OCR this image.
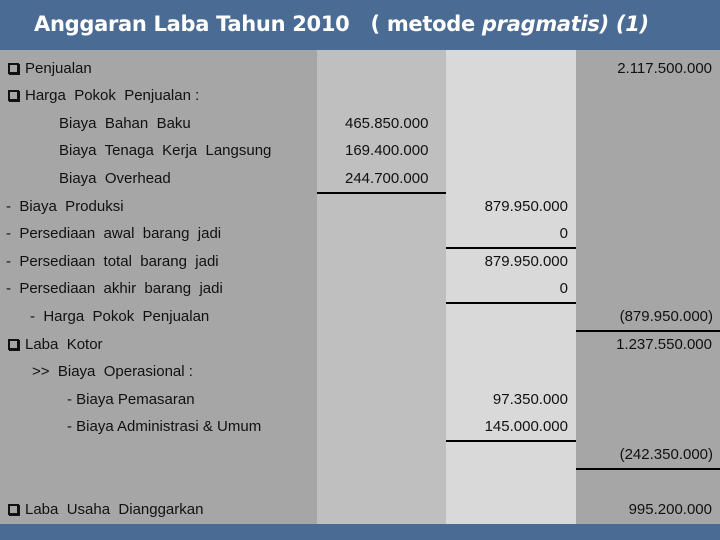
Anggaran Laba Tahun 2010   ( metode pragmatis) (1)
Penjualan	2.117.500.000
Harga  Pokok  Penjualan :
Biaya  Bahan  Baku	465.850.000
Biaya  Tenaga  Kerja  Langsung	169.400.000
Biaya  Overhead	244.700.000
-  Biaya  Produksi	879.950.000
-  Persediaan  awal  barang  jadi	0
-  Persediaan  total  barang  jadi	879.950.000
-  Persediaan  akhir  barang  jadi	0
-  Harga  Pokok  Penjualan	(879.950.000)
Laba  Kotor	1.237.550.000
>>  Biaya  Operasional :
- Biaya Pemasaran	97.350.000
- Biaya Administrasi & Umum	145.000.000
(242.350.000)
Laba  Usaha  Dianggarkan	995.200.000
